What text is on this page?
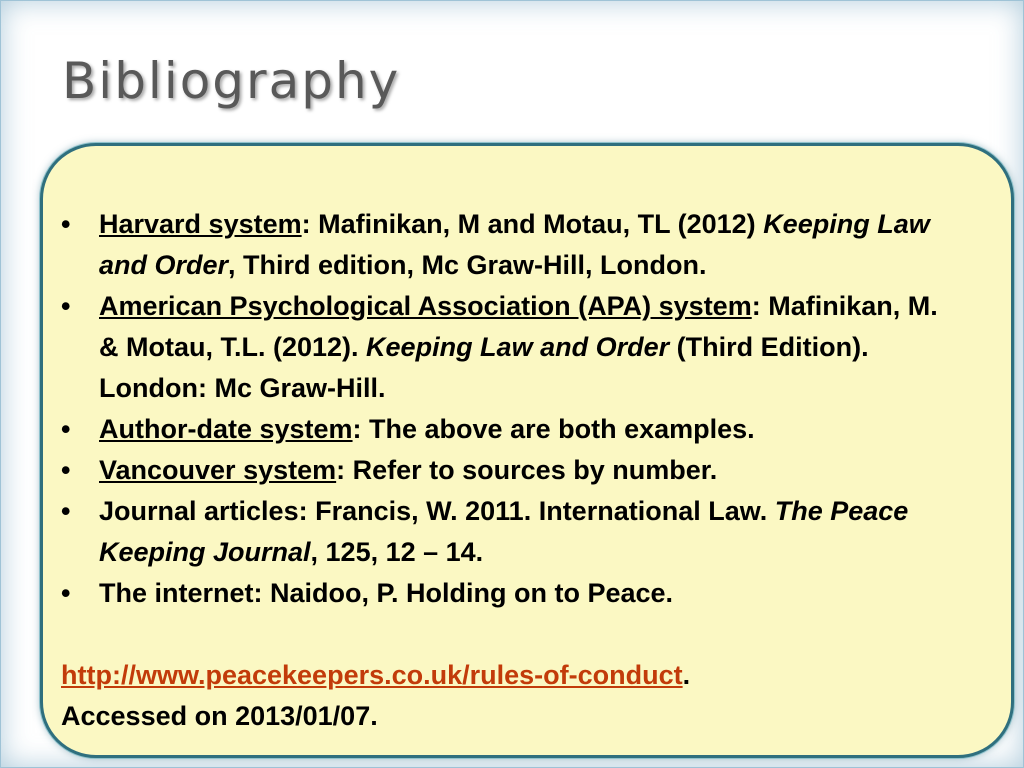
Bibliography
•	Harvard system: Mafinikan, M and Motau, TL (2012) Keeping Law and Order, Third edition, Mc Graw-Hill, London.
•	American Psychological Association (APA) system: Mafinikan, M. & Motau, T.L. (2012). Keeping Law and Order (Third Edition). London: Mc Graw-Hill.
•	Author-date system: The above are both examples.
•	Vancouver system: Refer to sources by number.
•	Journal articles: Francis, W. 2011. International Law. The Peace Keeping Journal, 125, 12 – 14.
•	The internet: Naidoo, P. Holding on to Peace.
http://www.peacekeepers.co.uk/rules-of-conduct.
Accessed on 2013/01/07.
